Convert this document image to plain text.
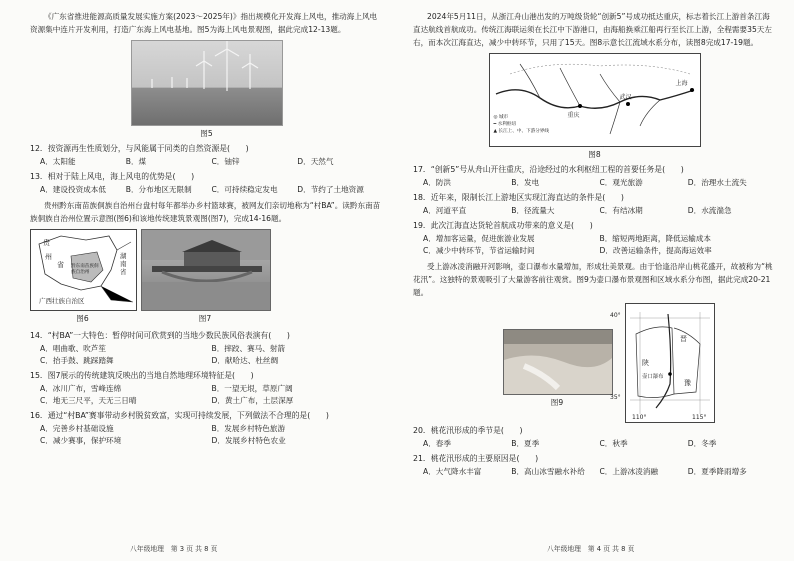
《广东省推进能源高质量发展实施方案(2023～2025年)》指出规模化开发海上风电，推动海上风电资源集中连片开发利用，打造广东海上风电基地。图5为海上风电景观图，据此完成12-13题。

图5
12．按资源再生性质划分，与风能属于同类的自然资源是(　　)
A．太阳能	B．煤	C．铀锌	D．天然气
13．相对于陆上风电，海上风电的优势是(　　)
A．建设投资成本低	B．分布地区无限制	C．可持续稳定发电	D．节约了土地资源

贵州黔东南苗族侗族自治州台盘村每年都举办乡村篮球赛，被网友们亲切地称为“村BA”。读黔东南苗族侗族自治州位置示意图(图6)和该地传统建筑景观图(图7)，完成14-16题。

贵
州
省
湖南省
黔东南苗族侗族自治州
广西壮族自治区
图6	图7
14．“村BA”一大特色：暂停时间可欣赏到的当地少数民族风俗表演有(　　)
A．唱曲歌、吹芦笙	B．摔跤、赛马、射箭
C．抬手鼓、跳踩踏舞	D．献哈达、杜丝绸
15．图7展示的传统建筑反映出的当地自然地理环境特征是(　　)
A．冰川广布，雪峰连绵	B．一望无垠，草原广阔
C．地无三尺平，天无三日晴	D．黄土广布，土层深厚
16．通过“村BA”赛事带动乡村脱贫致富，实现可持续发展，下列做法不合理的是(　　)
A．完善乡村基础设施	B．发展乡村特色旅游
C．减少赛事，保护环境	D．发展乡村特色农业
八年级地理　第 3 页 共 8 页

2024年5月11日，从浙江舟山港出发的万吨级货轮“创新5”号成功抵达重庆，标志着长江上游首条江海直达航线首航成功。传统江海联运须在长江中下游港口，由海船换乘江船再行至长江上游，全程需要35天左右，而本次江海直达，减少中转环节，只用了15天。图8示意长江流域水系分布，读图8完成17-19题。

重庆
武汉
上海
◎ 城市
━ 水利枢纽
▲ 长江上、中、下游分界线
图8
17．“创新5”号从舟山开往重庆，沿途经过的水利枢纽工程的首要任务是(　　)
A．防洪	B．发电	C．观光旅游	D．治理水土流失
18．近年来，限制长江上游地区实现江海直达的条件是(　　)
A．河道平直	B．径流量大	C．有结冰期	D．水流湍急
19．此次江海直达货轮首航成功带来的意义是(　　)
A．增加客运量，促进旅游业发展	B．缩短两地距离，降低运输成本
C．减少中转环节，节省运输时间	D．改善运输条件，提高海运效率

受上游冰凌消融开河影响，壶口瀑布水量增加，形成壮美景观。由于恰逢沿岸山桃花盛开，故被称为“桃花汛”。这独特的景观吸引了大量游客前往观赏。图9为壶口瀑布景观图和区域水系分布图，据此完成20-21题。

图9
40°
35°
110°	115°
晋
陕
豫
壶口瀑布
20．桃花汛形成的季节是(　　)
A．春季	B．夏季	C．秋季	D．冬季
21．桃花汛形成的主要原因是(　　)
A．大气降水丰富	B．高山冰雪融水补给	C．上游冰凌消融	D．夏季降雨增多
八年级地理　第 4 页 共 8 页
